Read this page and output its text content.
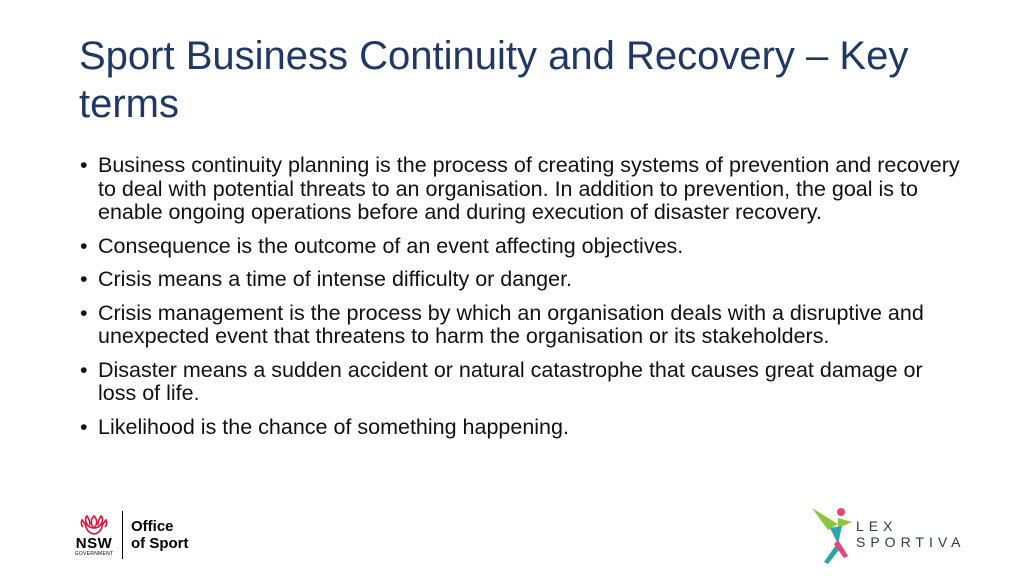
Sport Business Continuity and Recovery – Key terms
• Business continuity planning is the process of creating systems of prevention and recovery to deal with potential threats to an organisation. In addition to prevention, the goal is to enable ongoing operations before and during execution of disaster recovery.
• Consequence is the outcome of an event affecting objectives.
• Crisis means a time of intense difficulty or danger.
• Crisis management is the process by which an organisation deals with a disruptive and unexpected event that threatens to harm the organisation or its stakeholders.
• Disaster means a sudden accident or natural catastrophe that causes great damage or loss of life.
• Likelihood is the chance of something happening.
NSW
GOVERNMENT
Office
of Sport
LEX
SPORTIVA
